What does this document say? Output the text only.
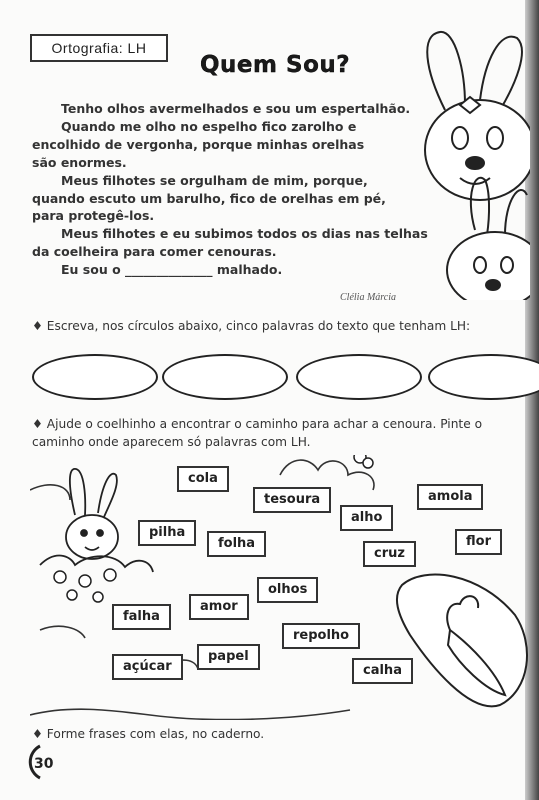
Ortografia: LH
Quem Sou?

Tenho olhos avermelhados e sou um espertalhão.

Quando me olho no espelho fico zarolho e

encolhido de vergonha, porque minhas orelhas

são enormes.

Meus filhotes se orgulham de mim, porque,

quando escuto um barulho, fico de orelhas em pé,

para protegê-los.

Meus filhotes e eu subimos todos os dias nas telhas

da coelheira para comer cenouras.

Eu sou o ______________ malhado.

Clélia Márcia
♦ Escreva, nos círculos abaixo, cinco palavras do texto que tenham LH:
♦ Ajude o coelhinho a encontrar o caminho para achar a cenoura. Pinte o
caminho onde aparecem só palavras com LH.
cola
tesoura	amola
pilha
alho
folha	flor
cruz
olhos
amor
falha
repolho
papel
açúcar	calha
♦ Forme frases com elas, no caderno.
30
